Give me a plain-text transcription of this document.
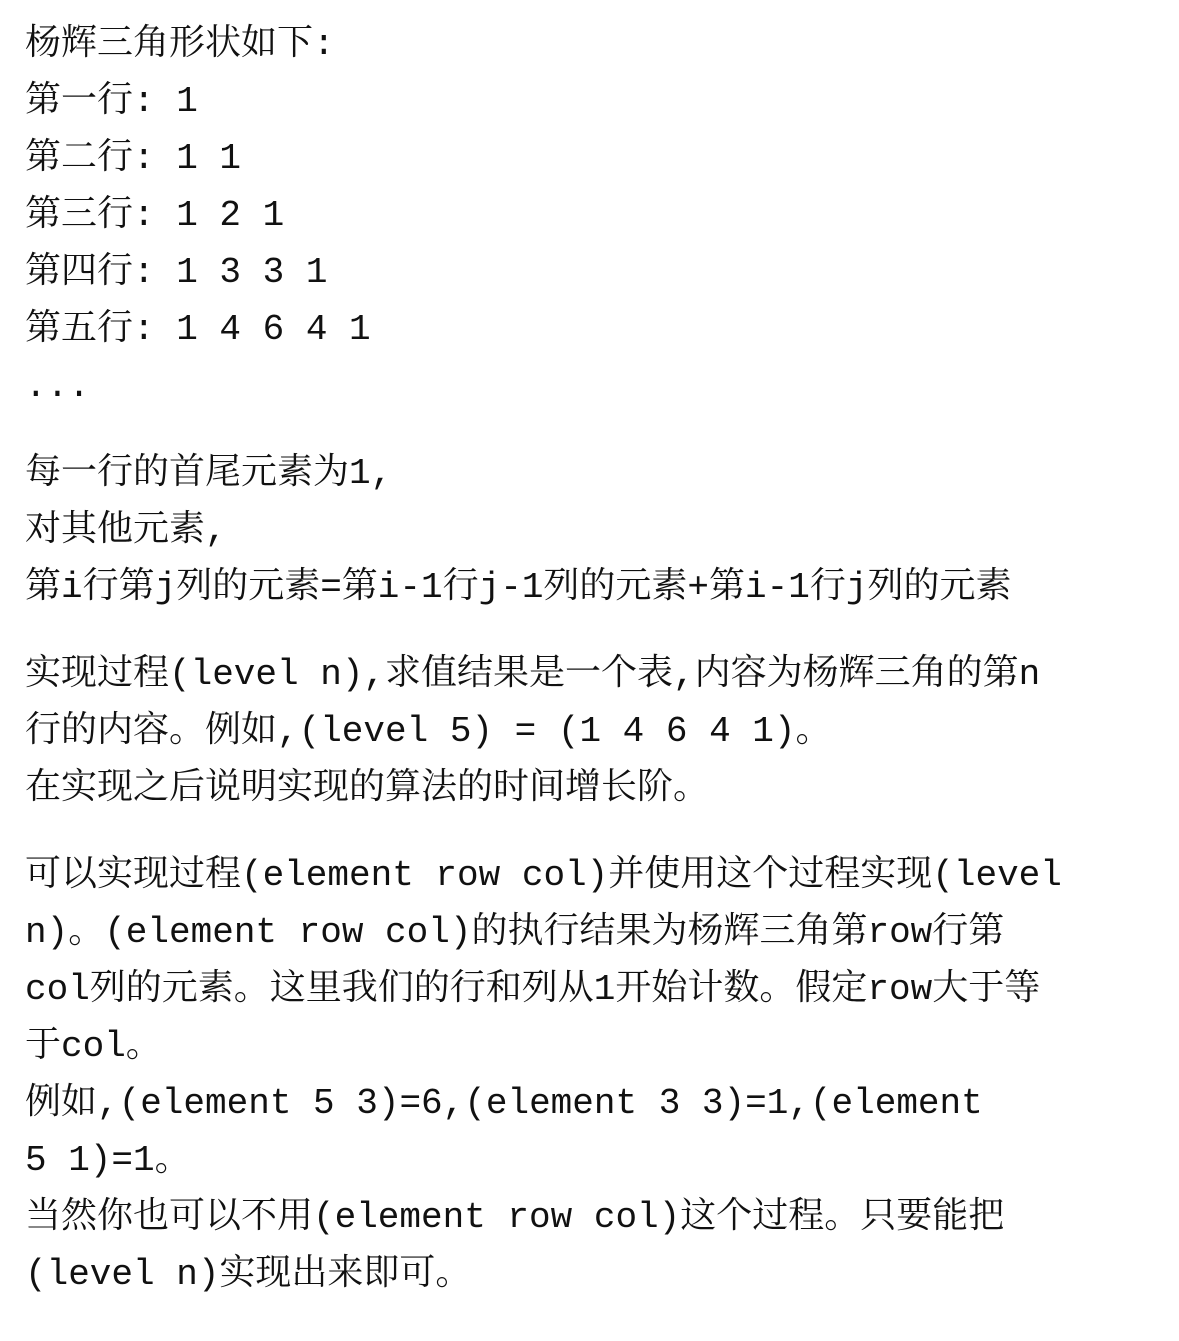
杨辉三角形状如下:
第一行: 1
第二行: 1 1
第三行: 1 2 1
第四行: 1 3 3 1
第五行: 1 4 6 4 1
...
每一行的首尾元素为1,
对其他元素,
第i行第j列的元素=第i-1行j-1列的元素+第i-1行j列的元素
实现过程(level n),求值结果是一个表,内容为杨辉三角的第n
行的内容。例如,(level 5) = (1 4 6 4 1)。
在实现之后说明实现的算法的时间增长阶。
可以实现过程(element row col)并使用这个过程实现(level
n)。(element row col)的执行结果为杨辉三角第row行第
col列的元素。这里我们的行和列从1开始计数。假定row大于等
于col。
例如,(element 5 3)=6,(element 3 3)=1,(element
5 1)=1。
当然你也可以不用(element row col)这个过程。只要能把
(level n)实现出来即可。
